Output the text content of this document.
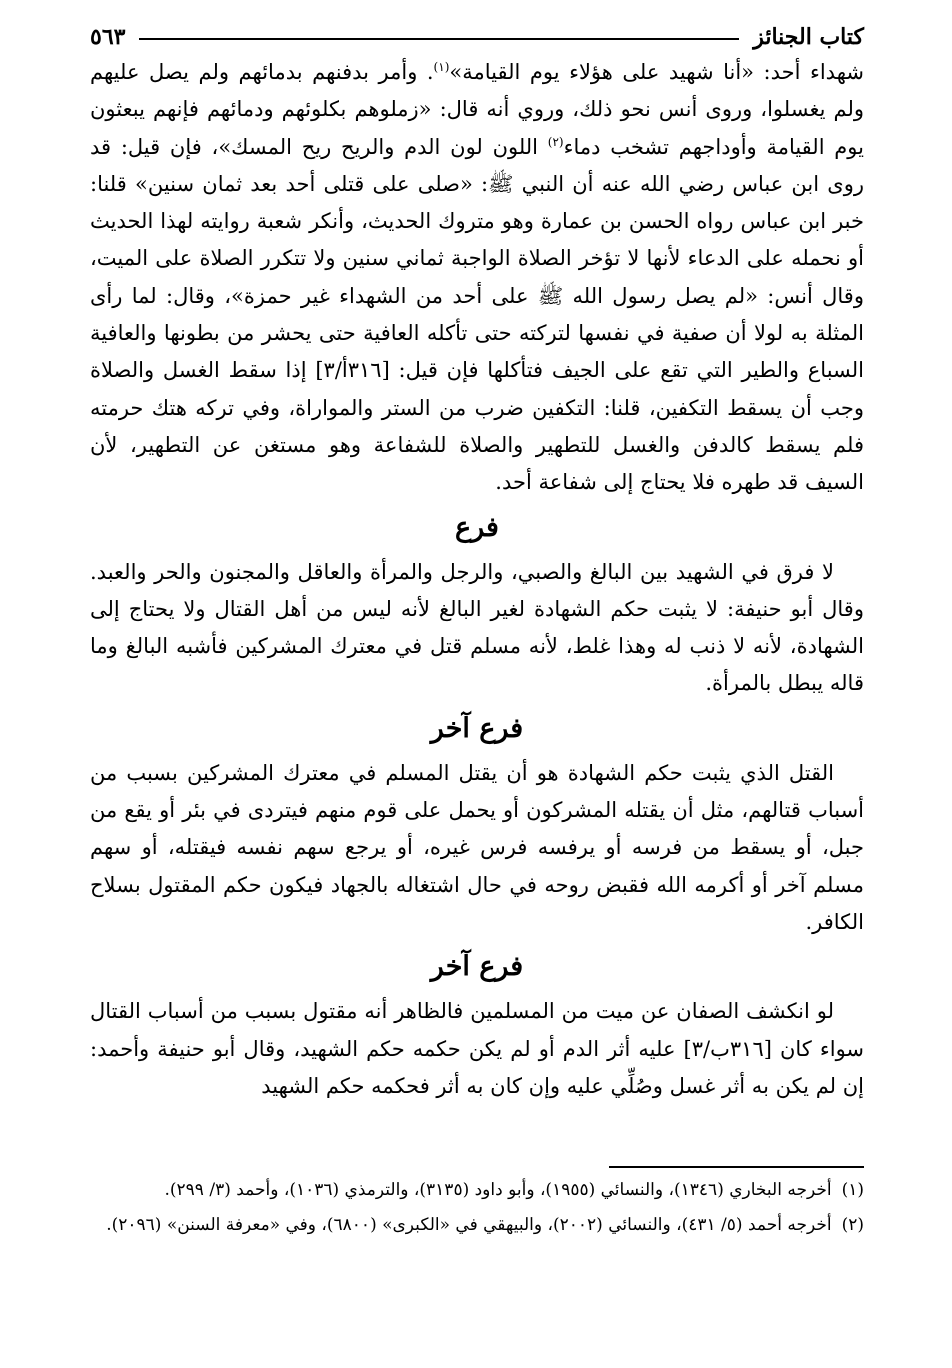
كتاب الجنائز
٥٦٣

شهداء أحد: «أنا شهيد على هؤلاء يوم القيامة»$^{(١)}$. وأمر بدفنهم بدمائهم ولم يصل عليهم ولم يغسلوا، وروى أنس نحو ذلك، وروي أنه قال: «زملوهم بكلوئهم ودمائهم فإنهم يبعثون يوم القيامة وأوداجهم تشخب دماء$^{(٢)}$ اللون لون الدم والريح ريح المسك»، فإن قيل: قد روى ابن عباس رضي الله عنه أن النبي ﷺ: «صلى على قتلى أحد بعد ثمان سنين» قلنا: خبر ابن عباس رواه الحسن بن عمارة وهو متروك الحديث، وأنكر شعبة روايته لهذا الحديث أو نحمله على الدعاء لأنها لا تؤخر الصلاة الواجبة ثماني سنين ولا تتكرر الصلاة على الميت، وقال أنس: «لم يصل رسول الله ﷺ على أحد من الشهداء غير حمزة»، وقال: لما رأى المثلة به لولا أن صفية في نفسها لتركته حتى تأكله العافية حتى يحشر من بطونها والعافية السباع والطير التي تقع على الجيف فتأكلها فإن قيل: [٣١٦أ/٣] إذا سقط الغسل والصلاة وجب أن يسقط التكفين، قلنا: التكفين ضرب من الستر والمواراة، وفي تركه هتك حرمته فلم يسقط كالدفن والغسل للتطهير والصلاة للشفاعة وهو مستغن عن التطهير، لأن السيف قد طهره فلا يحتاج إلى شفاعة أحد.

فرع

لا فرق في الشهيد بين البالغ والصبي، والرجل والمرأة والعاقل والمجنون والحر والعبد. وقال أبو حنيفة: لا يثبت حكم الشهادة لغير البالغ لأنه ليس من أهل القتال ولا يحتاج إلى الشهادة، لأنه لا ذنب له وهذا غلط، لأنه مسلم قتل في معترك المشركين فأشبه البالغ وما قاله يبطل بالمرأة.

فرع آخر

القتل الذي يثبت حكم الشهادة هو أن يقتل المسلم في معترك المشركين بسبب من أسباب قتالهم، مثل أن يقتله المشركون أو يحمل على قوم منهم فيتردى في بئر أو يقع من جبل، أو يسقط من فرسه أو يرفسه فرس غيره، أو يرجع سهم نفسه فيقتله، أو سهم مسلم آخر أو أكرمه الله فقبض روحه في حال اشتغاله بالجهاد فيكون حكم المقتول بسلاح الكافر.

فرع آخر

لو انكشف الصفان عن ميت من المسلمين فالظاهر أنه مقتول بسبب من أسباب القتال سواء كان [٣١٦ب/٣] عليه أثر الدم أو لم يكن حكمه حكم الشهيد، وقال أبو حنيفة وأحمد: إن لم يكن به أثر غسل وصُلِّي عليه وإن كان به أثر فحكمه حكم الشهيد

(١)
أخرجه البخاري (١٣٤٦)، والنسائي (١٩٥٥)، وأبو داود (٣١٣٥)، والترمذي (١٠٣٦)، وأحمد (٣/ ٢٩٩).
(٢)
أخرجه أحمد (٥/ ٤٣١)، والنسائي (٢٠٠٢)، والبيهقي في «الكبرى» (٦٨٠٠)، وفي «معرفة السنن» (٢٠٩٦).
